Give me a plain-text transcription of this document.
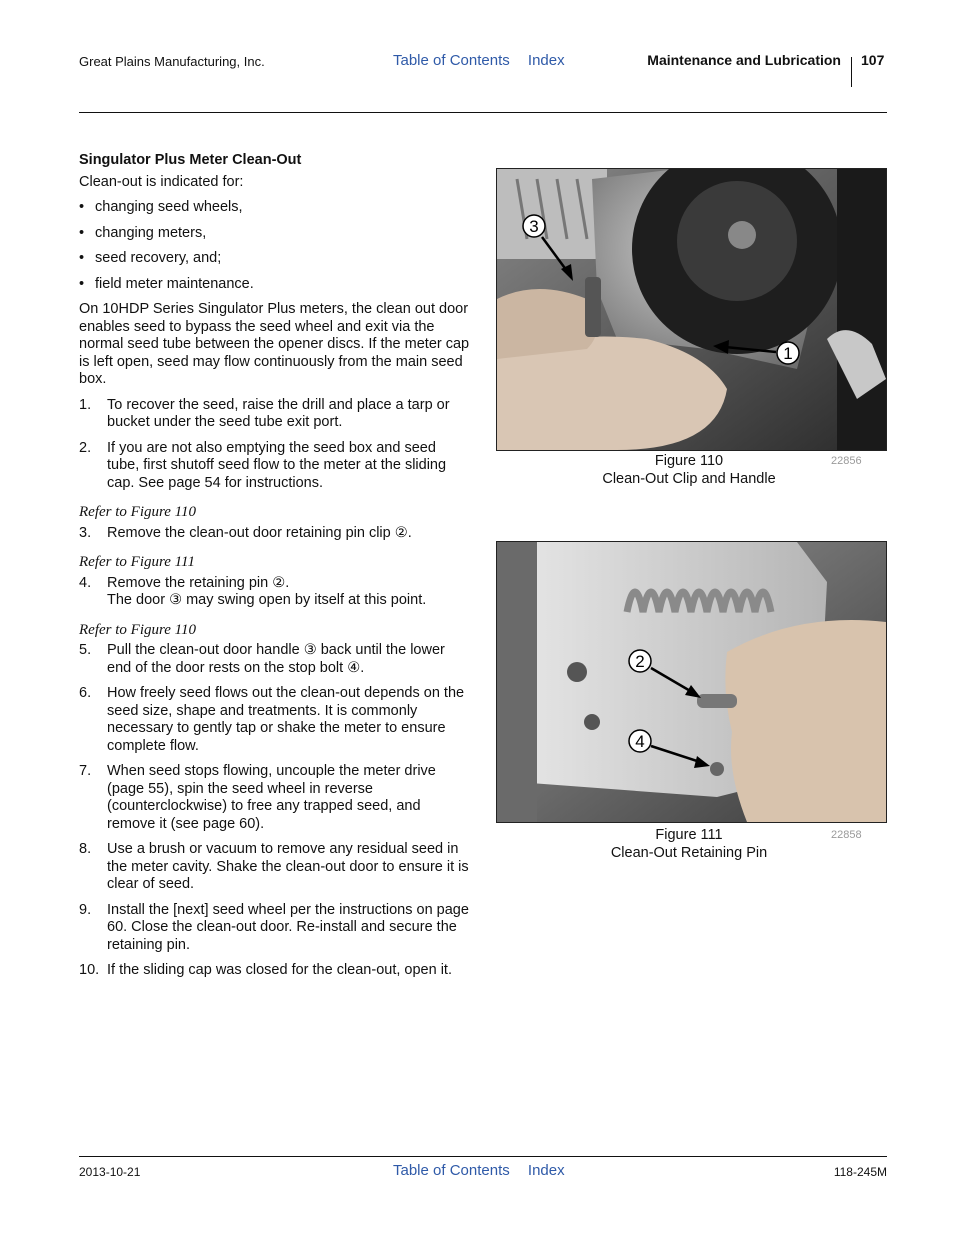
Great Plains Manufacturing, Inc.	Table of Contents Index	Maintenance and Lubrication 107
Singulator Plus Meter Clean-Out
Clean-out is indicated for:
• changing seed wheels,
• changing meters,
• seed recovery, and;
• field meter maintenance.
On 10HDP Series Singulator Plus meters, the clean out door enables seed to bypass the seed wheel and exit via the normal seed tube between the opener discs. If the meter cap is left open, seed may flow continuously from the main seed box.
1. To recover the seed, raise the drill and place a tarp or bucket under the seed tube exit port.
2. If you are not also emptying the seed box and seed tube, first shutoff seed flow to the meter at the sliding cap. See page 54 for instructions.
Refer to Figure 110
3. Remove the clean-out door retaining pin clip ②.
Refer to Figure 111
4. Remove the retaining pin ②.
The door ③ may swing open by itself at this point.
Refer to Figure 110
5. Pull the clean-out door handle ③ back until the lower end of the door rests on the stop bolt ④.
6. How freely seed flows out the clean-out depends on the seed size, shape and treatments. It is commonly necessary to gently tap or shake the meter to ensure complete flow.
7. When seed stops flowing, uncouple the meter drive (page 55), spin the seed wheel in reverse (counterclockwise) to free any trapped seed, and remove it (see page 60).
8. Use a brush or vacuum to remove any residual seed in the meter cavity. Shake the clean-out door to ensure it is clear of seed.
9. Install the [next] seed wheel per the instructions on page 60. Close the clean-out door. Re-install and secure the retaining pin.
10. If the sliding cap was closed for the clean-out, open it.
3
1
Figure 110
Clean-Out Clip and Handle
22856
2
4
Figure 111
Clean-Out Retaining Pin
22858
2013-10-21	Table of Contents Index	118-245M
